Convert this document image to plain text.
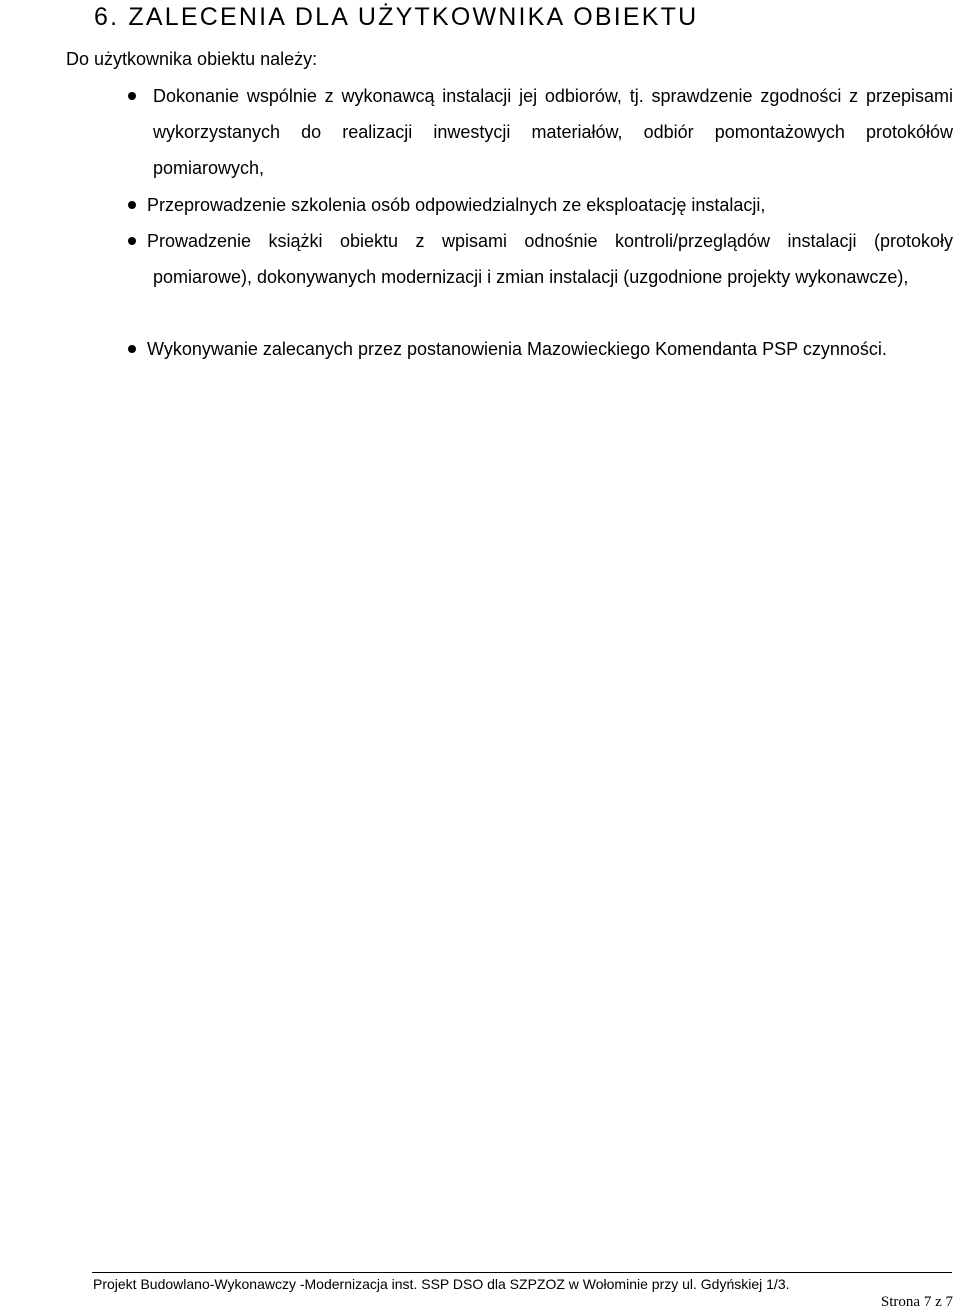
6. ZALECENIA DLA UŻYTKOWNIKA OBIEKTU
Do użytkownika obiektu należy:
Dokonanie wspólnie z wykonawcą instalacji jej odbiorów, tj. sprawdzenie zgodności z przepisami wykorzystanych do realizacji inwestycji materiałów, odbiór pomontażowych protokółów pomiarowych,
Przeprowadzenie szkolenia osób odpowiedzialnych ze eksploatację instalacji,
Prowadzenie książki obiektu z wpisami odnośnie kontroli/przeglądów instalacji (protokoły pomiarowe), dokonywanych modernizacji i zmian instalacji (uzgodnione projekty wykonawcze),
Wykonywanie zalecanych przez postanowienia Mazowieckiego Komendanta PSP czynności.
Projekt Budowlano-Wykonawczy -Modernizacja inst. SSP DSO dla SZPZOZ w Wołominie przy ul. Gdyńskiej 1/3.
Strona 7 z 7
